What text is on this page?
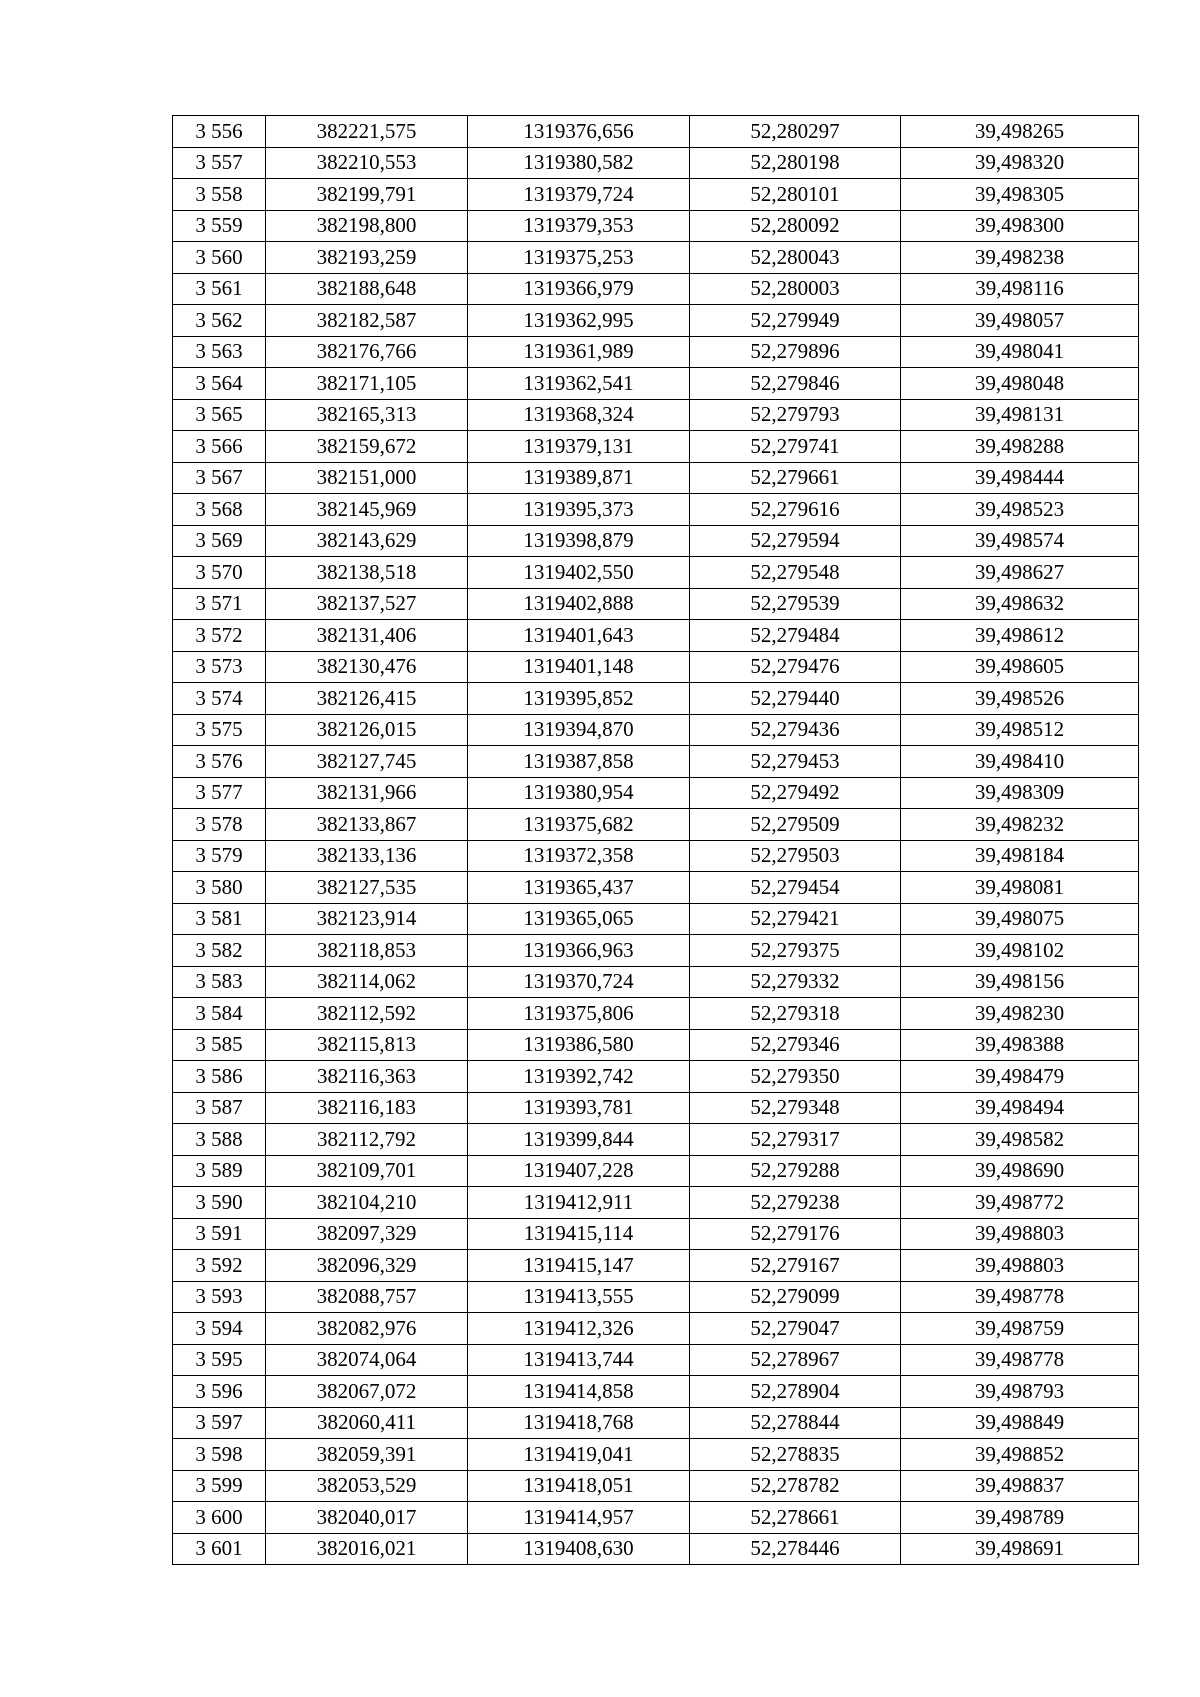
3 556	382221,575	1319376,656	52,280297	39,498265
3 557	382210,553	1319380,582	52,280198	39,498320
3 558	382199,791	1319379,724	52,280101	39,498305
3 559	382198,800	1319379,353	52,280092	39,498300
3 560	382193,259	1319375,253	52,280043	39,498238
3 561	382188,648	1319366,979	52,280003	39,498116
3 562	382182,587	1319362,995	52,279949	39,498057
3 563	382176,766	1319361,989	52,279896	39,498041
3 564	382171,105	1319362,541	52,279846	39,498048
3 565	382165,313	1319368,324	52,279793	39,498131
3 566	382159,672	1319379,131	52,279741	39,498288
3 567	382151,000	1319389,871	52,279661	39,498444
3 568	382145,969	1319395,373	52,279616	39,498523
3 569	382143,629	1319398,879	52,279594	39,498574
3 570	382138,518	1319402,550	52,279548	39,498627
3 571	382137,527	1319402,888	52,279539	39,498632
3 572	382131,406	1319401,643	52,279484	39,498612
3 573	382130,476	1319401,148	52,279476	39,498605
3 574	382126,415	1319395,852	52,279440	39,498526
3 575	382126,015	1319394,870	52,279436	39,498512
3 576	382127,745	1319387,858	52,279453	39,498410
3 577	382131,966	1319380,954	52,279492	39,498309
3 578	382133,867	1319375,682	52,279509	39,498232
3 579	382133,136	1319372,358	52,279503	39,498184
3 580	382127,535	1319365,437	52,279454	39,498081
3 581	382123,914	1319365,065	52,279421	39,498075
3 582	382118,853	1319366,963	52,279375	39,498102
3 583	382114,062	1319370,724	52,279332	39,498156
3 584	382112,592	1319375,806	52,279318	39,498230
3 585	382115,813	1319386,580	52,279346	39,498388
3 586	382116,363	1319392,742	52,279350	39,498479
3 587	382116,183	1319393,781	52,279348	39,498494
3 588	382112,792	1319399,844	52,279317	39,498582
3 589	382109,701	1319407,228	52,279288	39,498690
3 590	382104,210	1319412,911	52,279238	39,498772
3 591	382097,329	1319415,114	52,279176	39,498803
3 592	382096,329	1319415,147	52,279167	39,498803
3 593	382088,757	1319413,555	52,279099	39,498778
3 594	382082,976	1319412,326	52,279047	39,498759
3 595	382074,064	1319413,744	52,278967	39,498778
3 596	382067,072	1319414,858	52,278904	39,498793
3 597	382060,411	1319418,768	52,278844	39,498849
3 598	382059,391	1319419,041	52,278835	39,498852
3 599	382053,529	1319418,051	52,278782	39,498837
3 600	382040,017	1319414,957	52,278661	39,498789
3 601	382016,021	1319408,630	52,278446	39,498691
